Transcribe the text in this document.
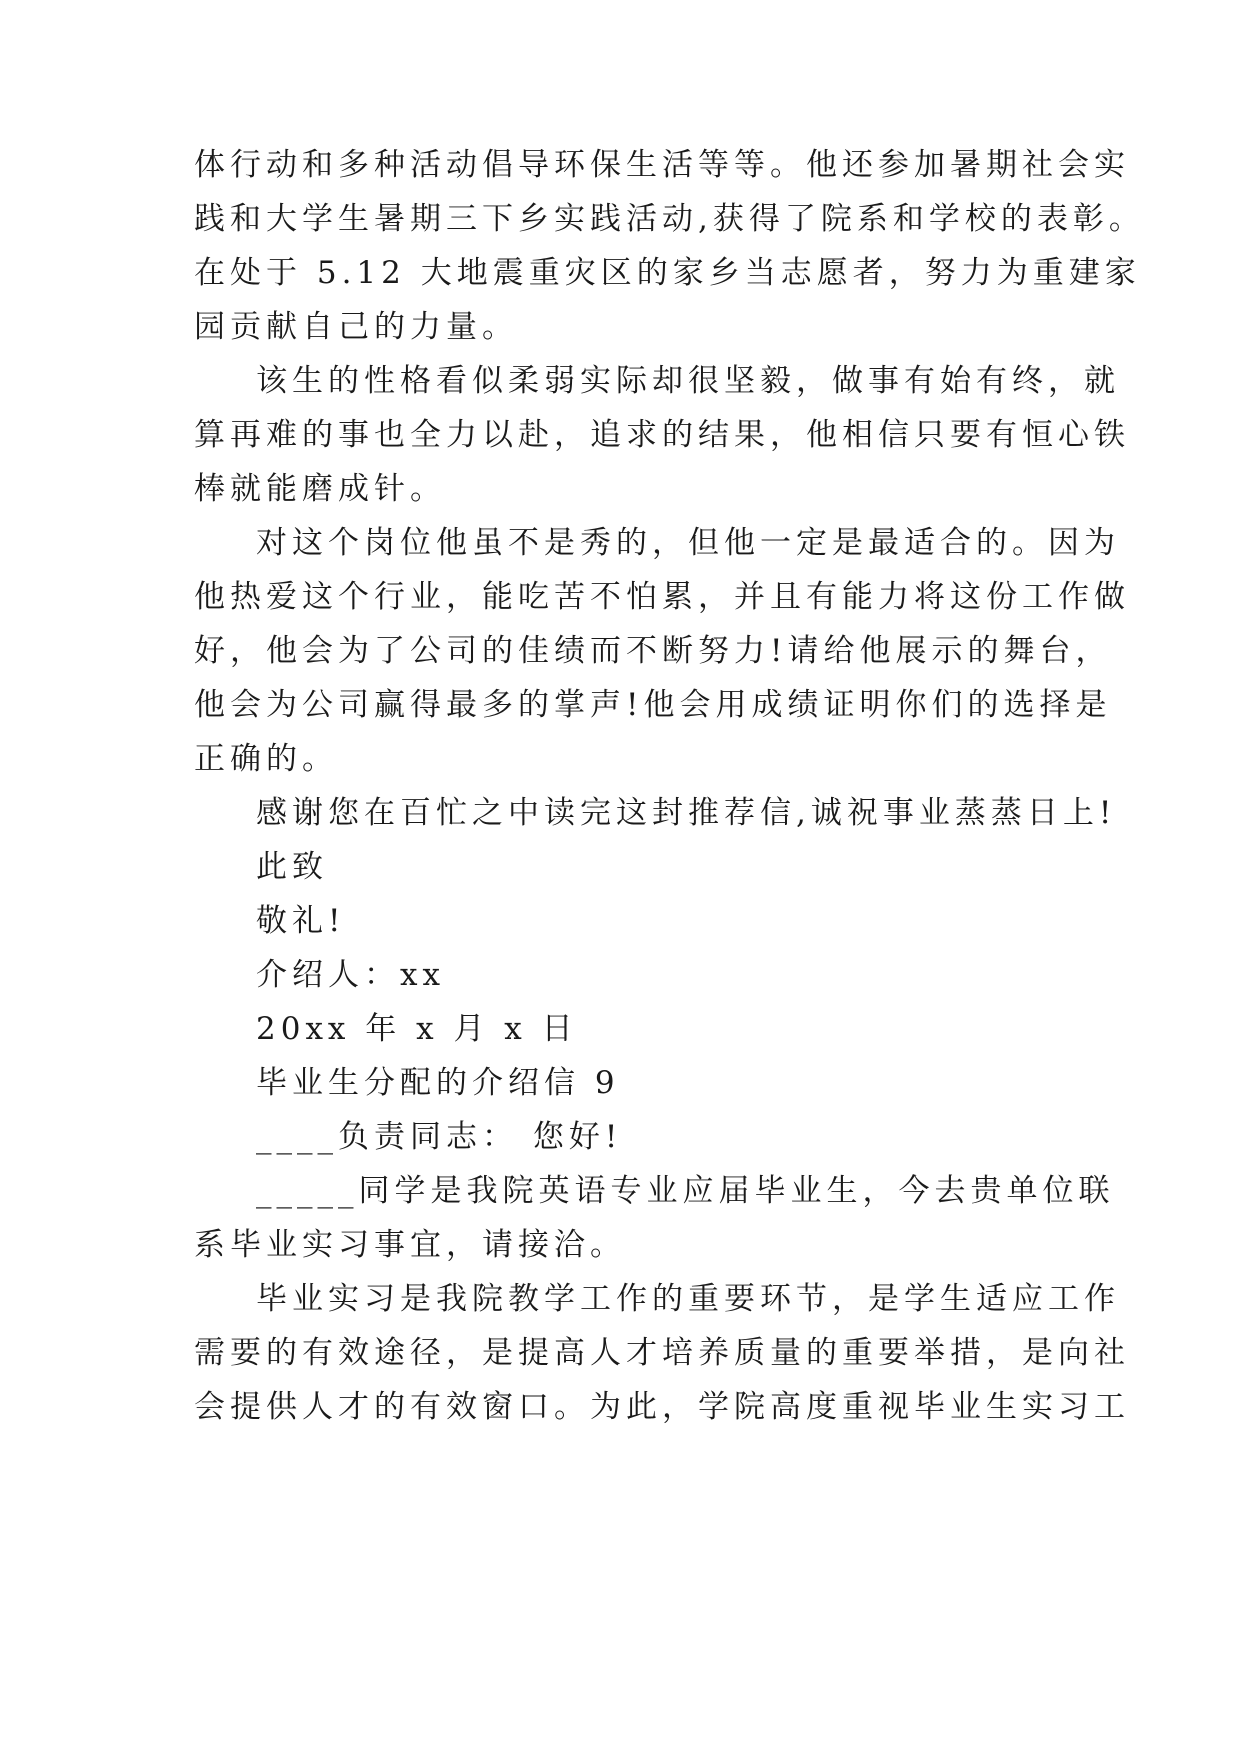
体行动和多种活动倡导环保生活等等。他还参加暑期社会实
践和大学生暑期三下乡实践活动,获得了院系和学校的表彰。
在处于 5.12 大地震重灾区的家乡当志愿者，努力为重建家
园贡献自己的力量。
该生的性格看似柔弱实际却很坚毅，做事有始有终，就
算再难的事也全力以赴，追求的结果，他相信只要有恒心铁
棒就能磨成针。
对这个岗位他虽不是秀的，但他一定是最适合的。因为
他热爱这个行业，能吃苦不怕累，并且有能力将这份工作做
好，他会为了公司的佳绩而不断努力!请给他展示的舞台，
他会为公司赢得最多的掌声!他会用成绩证明你们的选择是
正确的。
感谢您在百忙之中读完这封推荐信,诚祝事业蒸蒸日上!
此致
敬礼!
介绍人：xx
20xx 年 x 月 x 日
毕业生分配的介绍信 9
____负责同志： 您好!
_____同学是我院英语专业应届毕业生，今去贵单位联
系毕业实习事宜，请接洽。
毕业实习是我院教学工作的重要环节，是学生适应工作
需要的有效途径，是提高人才培养质量的重要举措，是向社
会提供人才的有效窗口。为此，学院高度重视毕业生实习工
